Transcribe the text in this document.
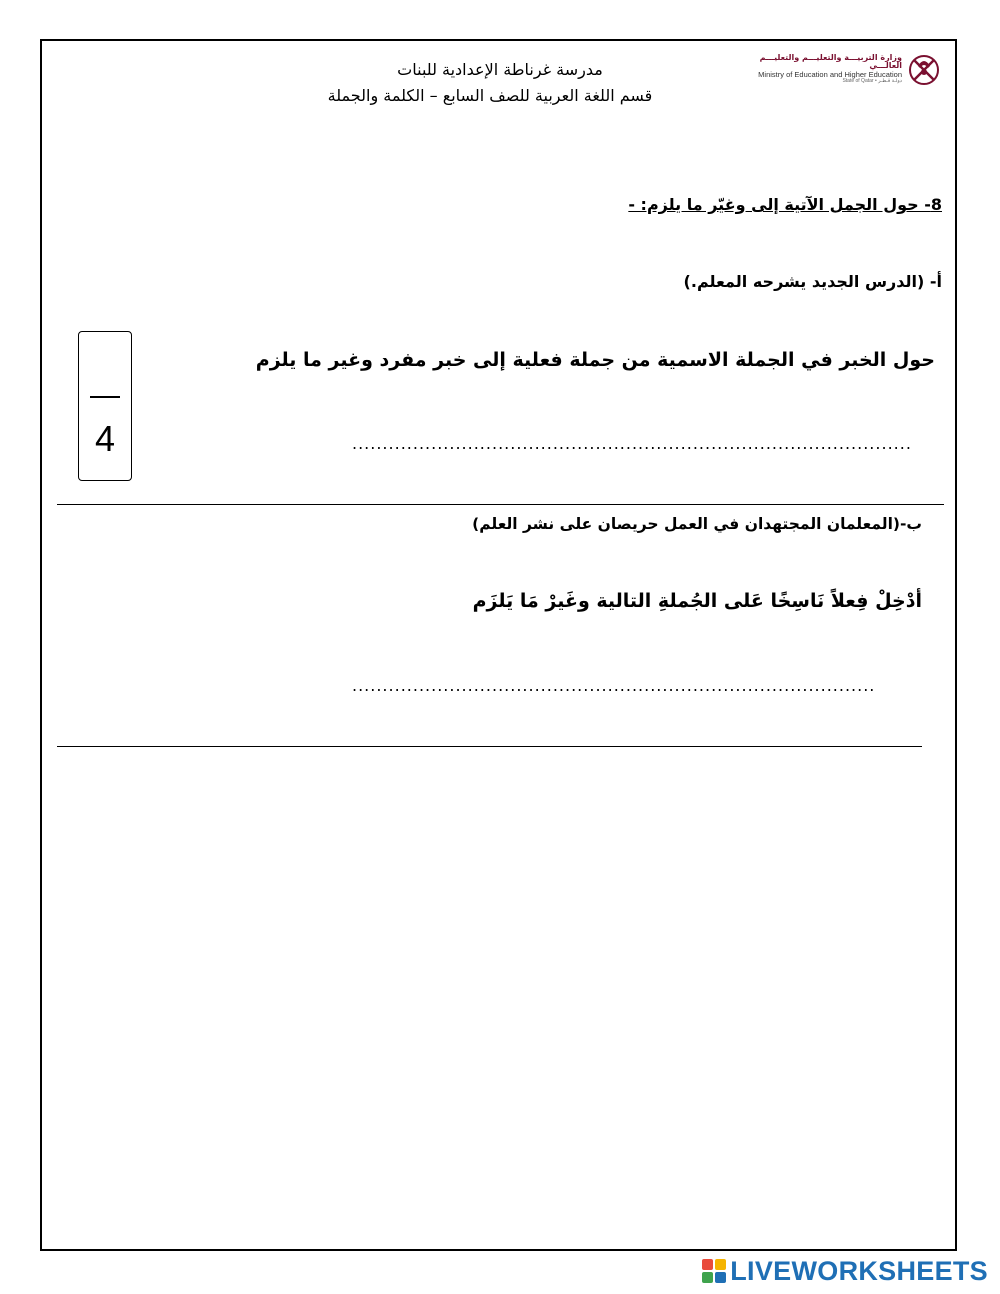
مدرسة غرناطة الإعدادية للبنات
قسم اللغة العربية للصف السابع – الكلمة والجملة
وزارة التربيـــة والتعليـــم والتعليـــم العالـــي
Ministry of Education and Higher Education
State of Qatar • دولـة قـطـر
8- حول الجمل الآتية إلى وغيّر ما يلزم: -
أ- (الدرس الجديد يشرحه المعلم.)
حول الخبر في الجملة الاسمية من جملة فعلية إلى خبر مفرد وغير ما يلزم
............................................................................................
4
ب-(المعلمان المجتهدان في العمل حريصان على نشر العلم)
أدْخِلْ فِعلاً نَاسِخًا عَلى الجُملةِ التالية وغَيرْ مَا يَلزَم
......................................................................................
LIVEWORKSHEETS
